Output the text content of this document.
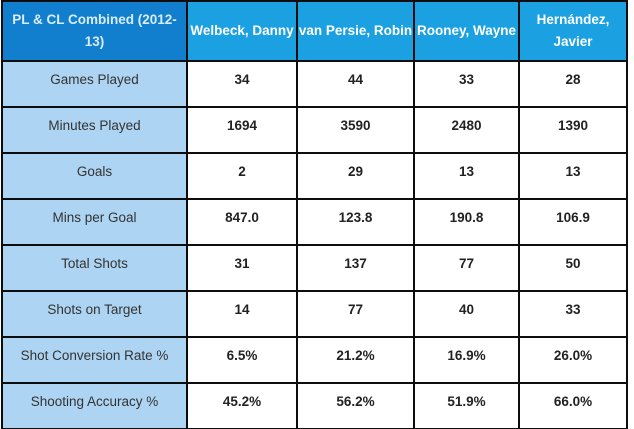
PL & CL Combined (2012-13)	Welbeck, Danny	van Persie, Robin	Rooney, Wayne	Hernández, Javier
Games Played	34	44	33	28
Minutes Played	1694	3590	2480	1390
Goals	2	29	13	13
Mins per Goal	847.0	123.8	190.8	106.9
Total Shots	31	137	77	50
Shots on Target	14	77	40	33
Shot Conversion Rate %	6.5%	21.2%	16.9%	26.0%
Shooting Accuracy %	45.2%	56.2%	51.9%	66.0%
